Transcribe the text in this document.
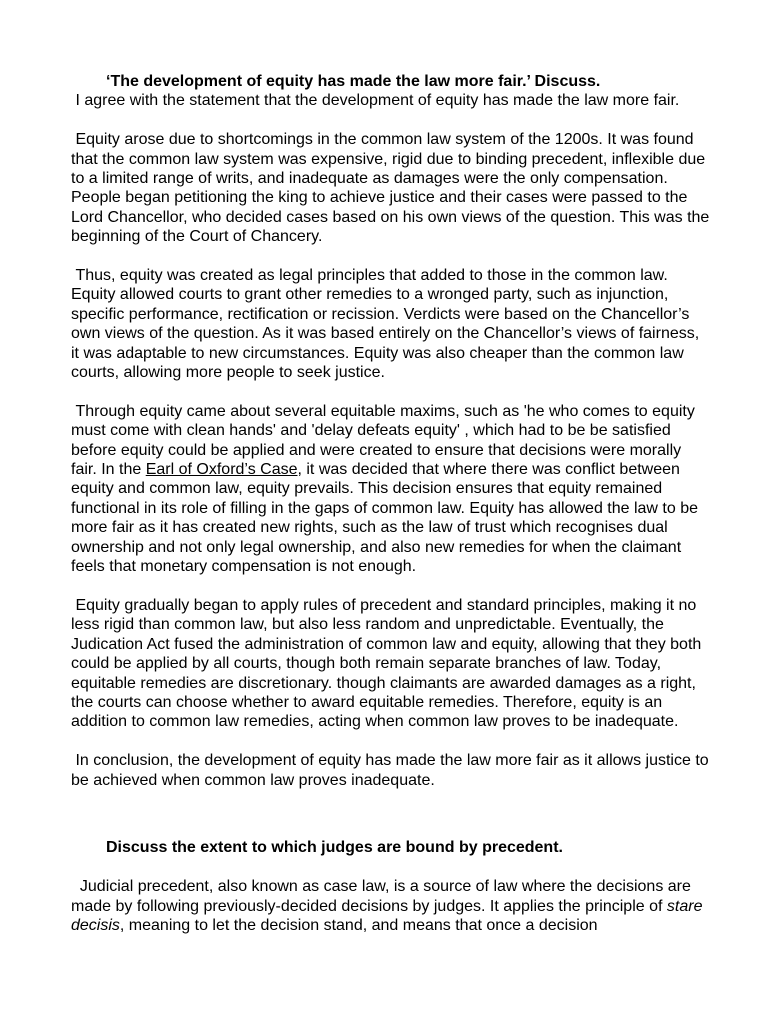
‘The development of equity has made the law more fair.’ Discuss.

I agree with the statement that the development of equity has made the law more fair.

Equity arose due to shortcomings in the common law system of the 1200s. It was found that the common law system was expensive, rigid due to binding precedent, inflexible due to a limited range of writs, and inadequate as damages were the only compensation. People began petitioning the king to achieve justice and their cases were passed to the Lord Chancellor, who decided cases based on his own views of the question. This was the beginning of the Court of Chancery.

Thus, equity was created as legal principles that added to those in the common law. Equity allowed courts to grant other remedies to a wronged party, such as injunction, specific performance, rectification or recission. Verdicts were based on the Chancellor’s own views of the question. As it was based entirely on the Chancellor’s views of fairness, it was adaptable to new circumstances. Equity was also cheaper than the common law courts, allowing more people to seek justice.

Through equity came about several equitable maxims, such as 'he who comes to equity must come with clean hands' and 'delay defeats equity' , which had to be be satisfied before equity could be applied and were created to ensure that decisions were morally fair. In the Earl of Oxford’s Case, it was decided that where there was conflict between equity and common law, equity prevails. This decision ensures that equity remained functional in its role of filling in the gaps of common law. Equity has allowed the law to be more fair as it has created new rights, such as the law of trust which recognises dual ownership and not only legal ownership, and also new remedies for when the claimant feels that monetary compensation is not enough.

Equity gradually began to apply rules of precedent and standard principles, making it no less rigid than common law, but also less random and unpredictable. Eventually, the Judication Act fused the administration of common law and equity, allowing that they both could be applied by all courts, though both remain separate branches of law. Today, equitable remedies are discretionary. though claimants are awarded damages as a right, the courts can choose whether to award equitable remedies. Therefore, equity is an addition to common law remedies, acting when common law proves to be inadequate.

In conclusion, the development of equity has made the law more fair as it allows justice to be achieved when common law proves inadequate.

Discuss the extent to which judges are bound by precedent.

Judicial precedent, also known as case law, is a source of law where the decisions are made by following previously-decided decisions by judges. It applies the principle of stare decisis, meaning to let the decision stand, and means that once a decision
